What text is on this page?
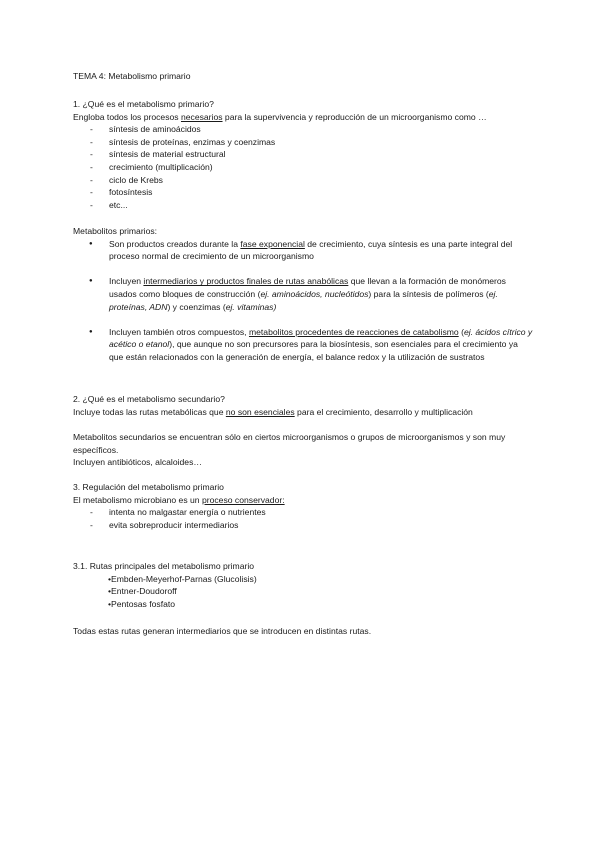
TEMA 4: Metabolismo primario
1. ¿Qué es el metabolismo primario?
Engloba todos los procesos necesarios para la supervivencia y reproducción de un microorganismo como …
- síntesis de aminoácidos
- síntesis de proteínas, enzimas y coenzimas
- síntesis de material estructural
- crecimiento (multiplicación)
- ciclo de Krebs
- fotosíntesis
- etc...
Metabolitos primarios:
● Son productos creados durante la fase exponencial de crecimiento, cuya síntesis es una parte integral del proceso normal de crecimiento de un microorganismo
● Incluyen intermediarios y productos finales de rutas anabólicas que llevan a la formación de monómeros usados como bloques de construcción (ej. aminoácidos, nucleótidos) para la síntesis de polímeros (ej. proteínas, ADN) y coenzimas (ej. vitaminas)
● Incluyen también otros compuestos, metabolitos procedentes de reacciones de catabolismo (ej. ácidos cítrico y acético o etanol), que aunque no son precursores para la biosíntesis, son esenciales para el crecimiento ya que están relacionados con la generación de energía, el balance redox y la utilización de sustratos
2. ¿Qué es el metabolismo secundario?
Incluye todas las rutas metabólicas que no son esenciales para el crecimiento, desarrollo y multiplicación
Metabolitos secundarios se encuentran sólo en ciertos microorganismos o grupos de microorganismos y son muy específicos.
Incluyen antibióticos, alcaloides…
3. Regulación del metabolismo primario
El metabolismo microbiano es un proceso conservador:
- intenta no malgastar energía o nutrientes
- evita sobreproducir intermediarios
3.1. Rutas principales del metabolismo primario
• Embden-Meyerhof-Parnas (Glucolisis)
• Entner-Doudoroff
• Pentosas fosfato
Todas estas rutas generan intermediarios que se introducen en distintas rutas.
